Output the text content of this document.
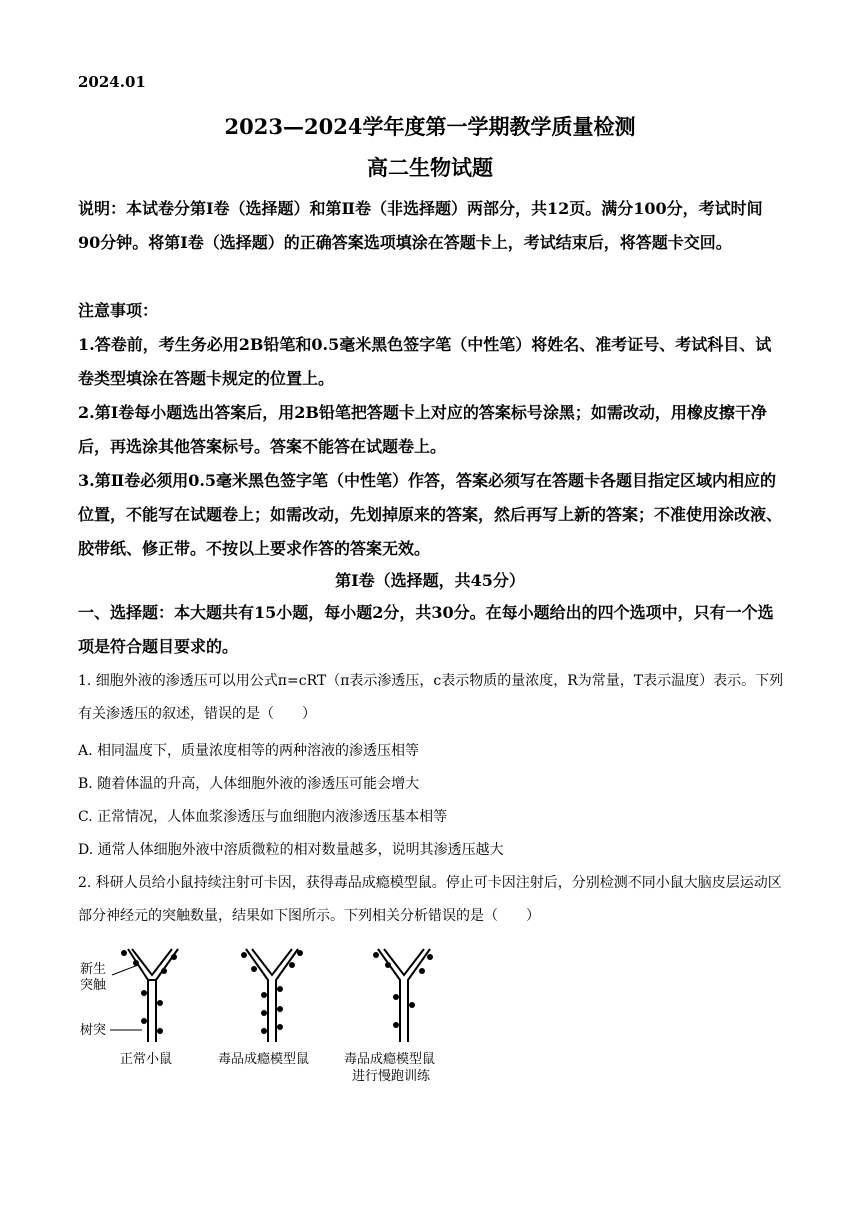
2024.01
2023—2024学年度第一学期教学质量检测
高二生物试题
说明：本试卷分第Ⅰ卷（选择题）和第Ⅱ卷（非选择题）两部分，共12页。满分100分，考试时间90分钟。将第Ⅰ卷（选择题）的正确答案选项填涂在答题卡上，考试结束后，将答题卡交回。
注意事项：
1.答卷前，考生务必用2B铅笔和0.5毫米黑色签字笔（中性笔）将姓名、准考证号、考试科目、试卷类型填涂在答题卡规定的位置上。
2.第Ⅰ卷每小题选出答案后，用2B铅笔把答题卡上对应的答案标号涂黑；如需改动，用橡皮擦干净后，再选涂其他答案标号。答案不能答在试题卷上。
3.第Ⅱ卷必须用0.5毫米黑色签字笔（中性笔）作答，答案必须写在答题卡各题目指定区域内相应的位置，不能写在试题卷上；如需改动，先划掉原来的答案，然后再写上新的答案；不准使用涂改液、胶带纸、修正带。不按以上要求作答的答案无效。
第Ⅰ卷（选择题，共45分）
一、选择题：本大题共有15小题，每小题2分，共30分。在每小题给出的四个选项中，只有一个选项是符合题目要求的。
1. 细胞外液的渗透压可以用公式π=cRT（π表示渗透压，c表示物质的量浓度，R为常量，T表示温度）表示。下列有关渗透压的叙述，错误的是（　　）
A. 相同温度下，质量浓度相等的两种溶液的渗透压相等
B. 随着体温的升高，人体细胞外液的渗透压可能会增大
C. 正常情况，人体血浆渗透压与血细胞内液渗透压基本相等
D. 通常人体细胞外液中溶质微粒的相对数量越多，说明其渗透压越大
2. 科研人员给小鼠持续注射可卡因，获得毒品成瘾模型鼠。停止可卡因注射后，分别检测不同小鼠大脑皮层运动区部分神经元的突触数量，结果如下图所示。下列相关分析错误的是（　　）
新生
突触
树突
正常小鼠	毒品成瘾模型鼠	毒品成瘾模型鼠
进行慢跑训练
